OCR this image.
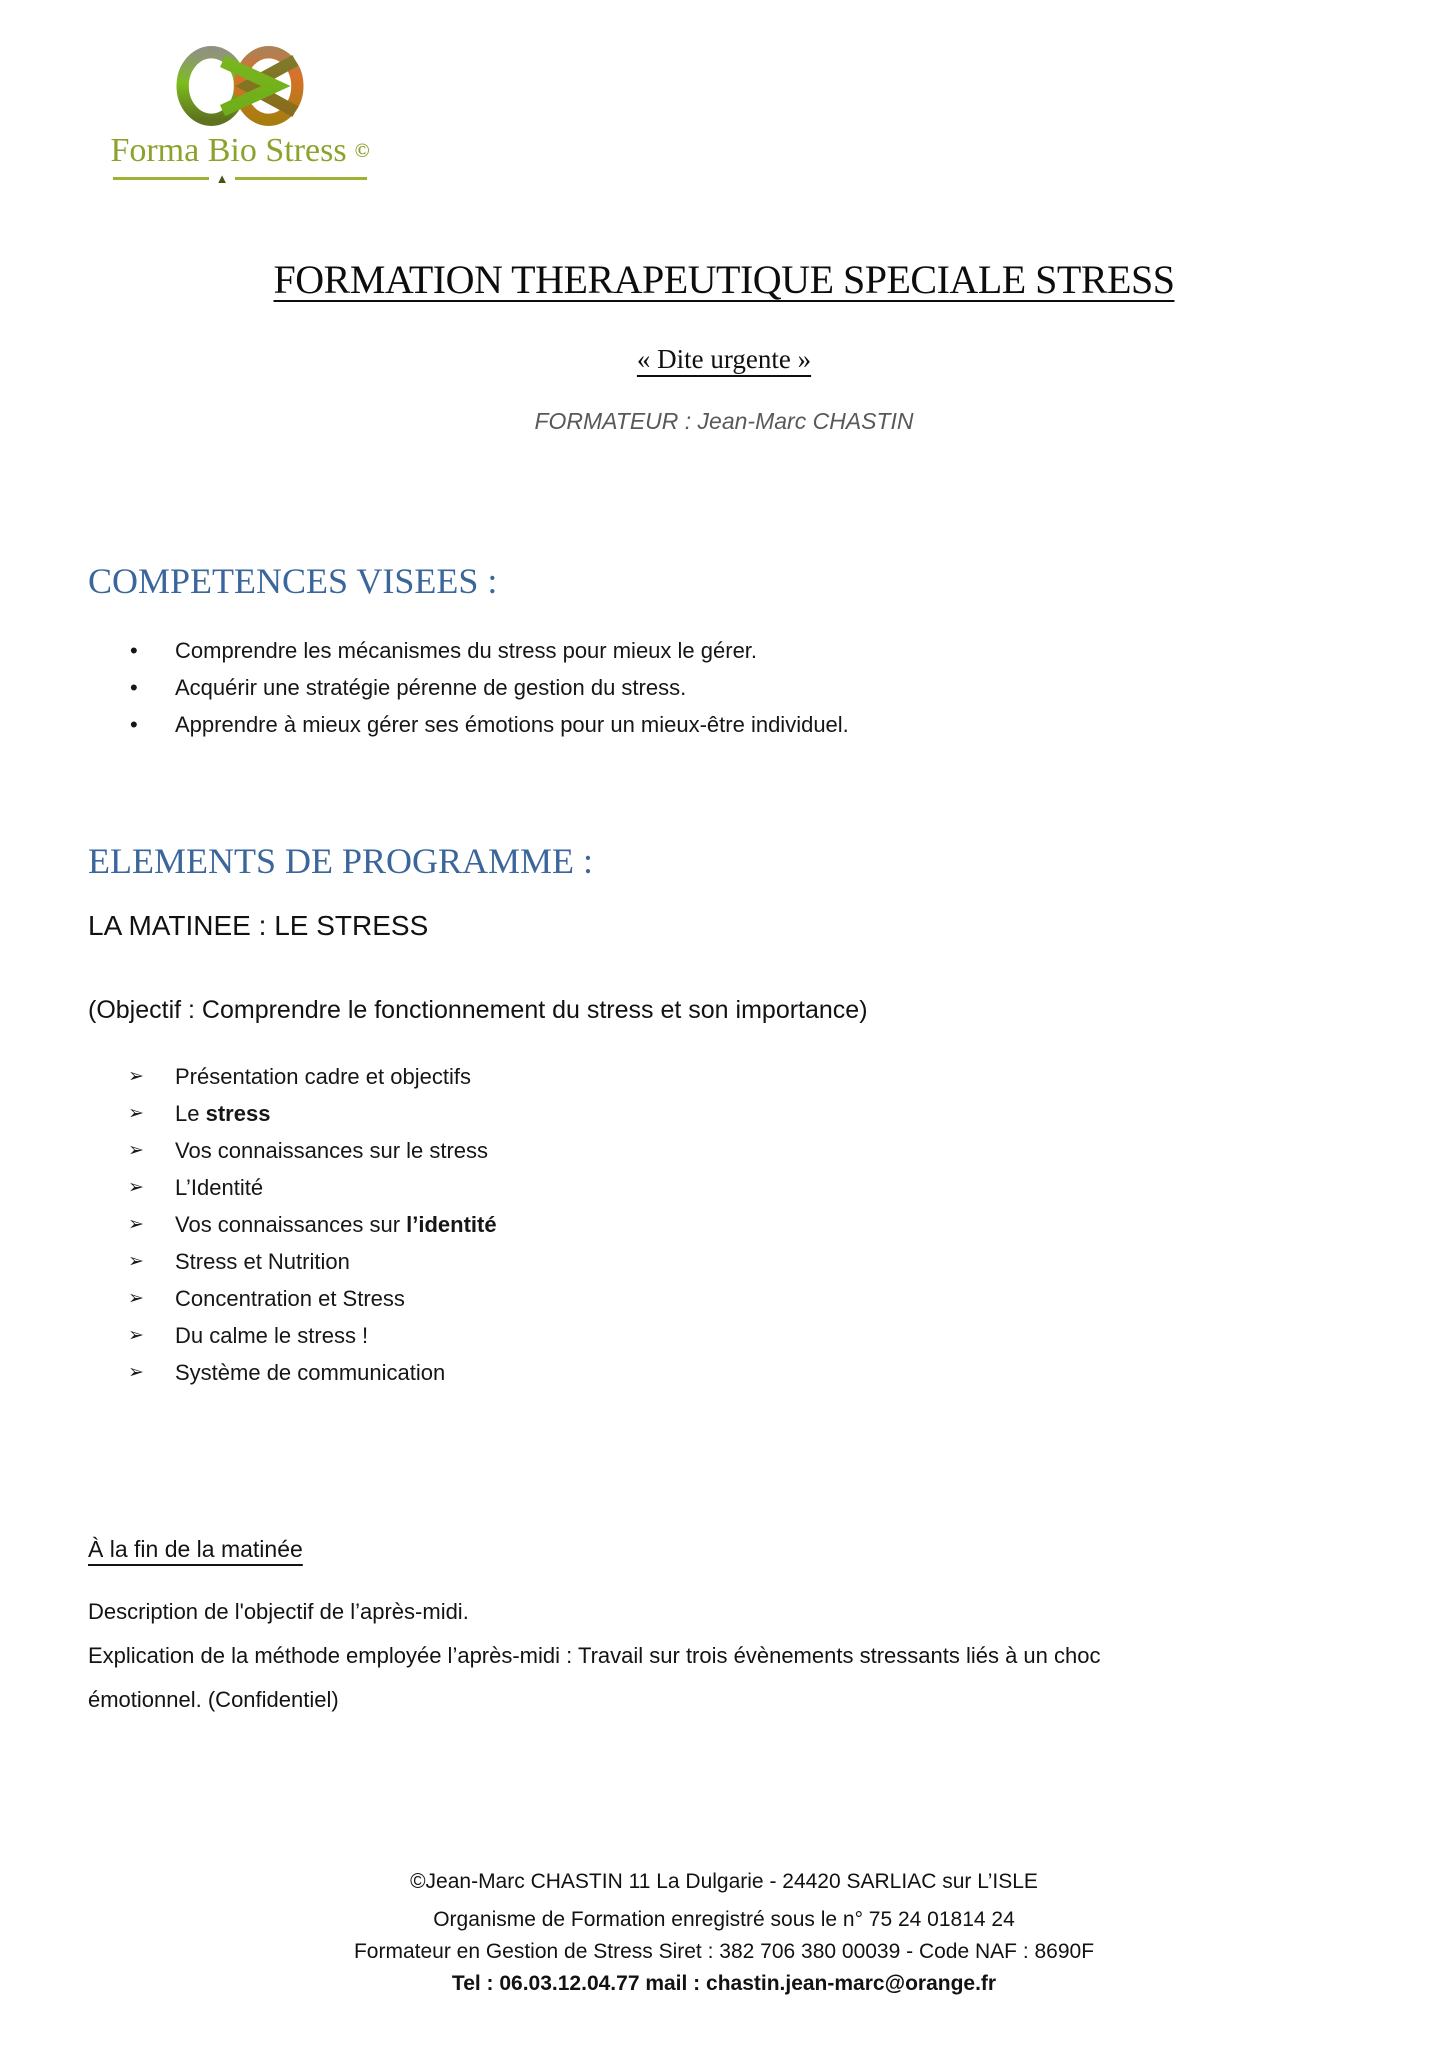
Forma Bio Stress ©
▲
FORMATION THERAPEUTIQUE SPECIALE STRESS
« Dite urgente »
FORMATEUR : Jean-Marc CHASTIN
COMPETENCES VISEES :
•	Comprendre les mécanismes du stress pour mieux le gérer.
•	Acquérir une stratégie pérenne de gestion du stress.
•	Apprendre à mieux gérer ses émotions pour un mieux-être individuel.
ELEMENTS DE PROGRAMME :
LA MATINEE : LE STRESS
(Objectif : Comprendre le fonctionnement du stress et son importance)
➢	Présentation cadre et objectifs
➢	Le stress
➢	Vos connaissances sur le stress
➢	L’Identité
➢	Vos connaissances sur l’identité
➢	Stress et Nutrition
➢	Concentration et Stress
➢	Du calme le stress !
➢	Système de communication
À la fin de la matinée
Description de l'objectif de l’après-midi.
Explication de la méthode employée l’après-midi : Travail sur trois évènements stressants liés à un choc
émotionnel. (Confidentiel)
©Jean-Marc CHASTIN 11 La Dulgarie - 24420 SARLIAC sur L’ISLE
Organisme de Formation enregistré sous le n° 75 24 01814 24
Formateur en Gestion de Stress Siret : 382 706 380 00039 - Code NAF : 8690F
Tel : 06.03.12.04.77 mail : chastin.jean-marc@orange.fr
